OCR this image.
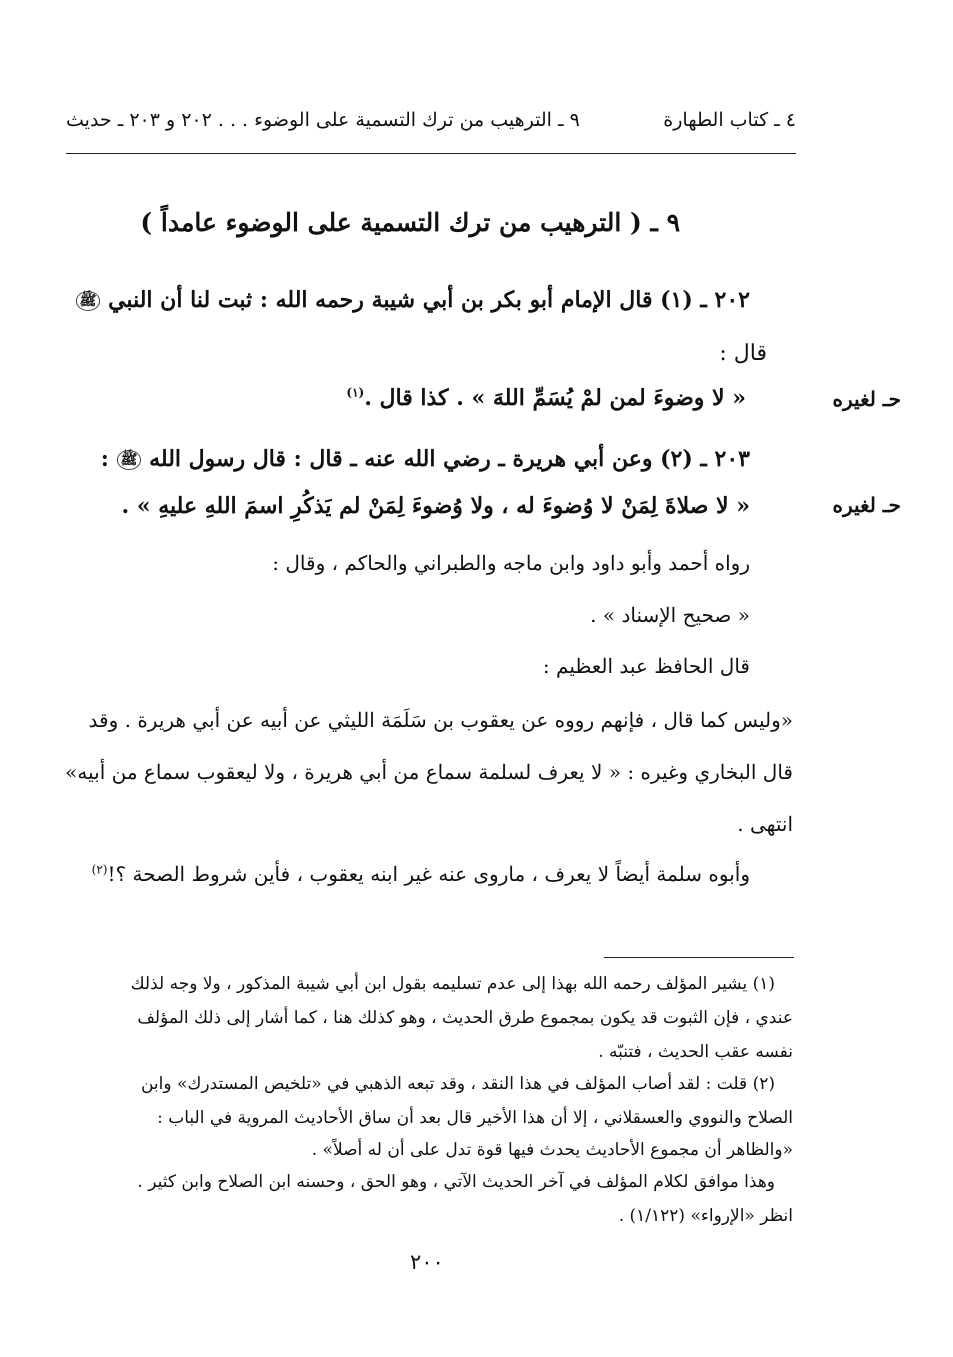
٤ ـ كتاب الطهارة
٩ ـ الترهيب من ترك التسمية على الوضوء . . . ٢٠٢ و ٢٠٣ ـ حديث
٩ ـ ( الترهيب من ترك التسمية على الوضوء عامداً )
٢٠٢ ـ (١) قال الإمام أبو بكر بن أبي شيبة رحمه الله : ثبت لنا أن النبي ﷺ
قال :
« لا وضوءَ لمن لمْ يُسَمِّ اللهَ » . كذا قال .$^{(١)}$	حـ لغيره
٢٠٣ ـ (٢) وعن أبي هريرة ـ رضي الله عنه ـ قال : قال رسول الله ﷺ :
« لا صلاةَ لِمَنْ لا وُضوءَ له ، ولا وُضوءَ لِمَنْ لم يَذكُرِ اسمَ اللهِ عليهِ » .	حـ لغيره
رواه أحمد وأبو داود وابن ماجه والطبراني والحاكم ، وقال :
« صحيح الإسناد » .
قال الحافظ عبد العظيم :
«وليس كما قال ، فإنهم رووه عن يعقوب بن سَلَمَة الليثي عن أبيه عن أبي هريرة . وقد
قال البخاري وغيره : « لا يعرف لسلمة سماع من أبي هريرة ، ولا ليعقوب سماع من أبيه»
انتهى .
وأبوه سلمة أيضاً لا يعرف ، ماروى عنه غير ابنه يعقوب ، فأين شروط الصحة ؟!$^{(٢)}$
(١) يشير المؤلف رحمه الله بهذا إلى عدم تسليمه بقول ابن أبي شيبة المذكور ، ولا وجه لذلك
عندي ، فإن الثبوت قد يكون بمجموع طرق الحديث ، وهو كذلك هنا ، كما أشار إلى ذلك المؤلف
نفسه عقب الحديث ، فتنبّه .
(٢) قلت : لقد أصاب المؤلف في هذا النقد ، وقد تبعه الذهبي في «تلخيص المستدرك» وابن
الصلاح والنووي والعسقلاني ، إلا أن هذا الأخير قال بعد أن ساق الأحاديث المروية في الباب :
«والظاهر أن مجموع الأحاديث يحدث فيها قوة تدل على أن له أصلاً» .
وهذا موافق لكلام المؤلف في آخر الحديث الآتي ، وهو الحق ، وحسنه ابن الصلاح وابن كثير .
انظر «الإرواء» (١/١٢٢) .
٢٠٠
